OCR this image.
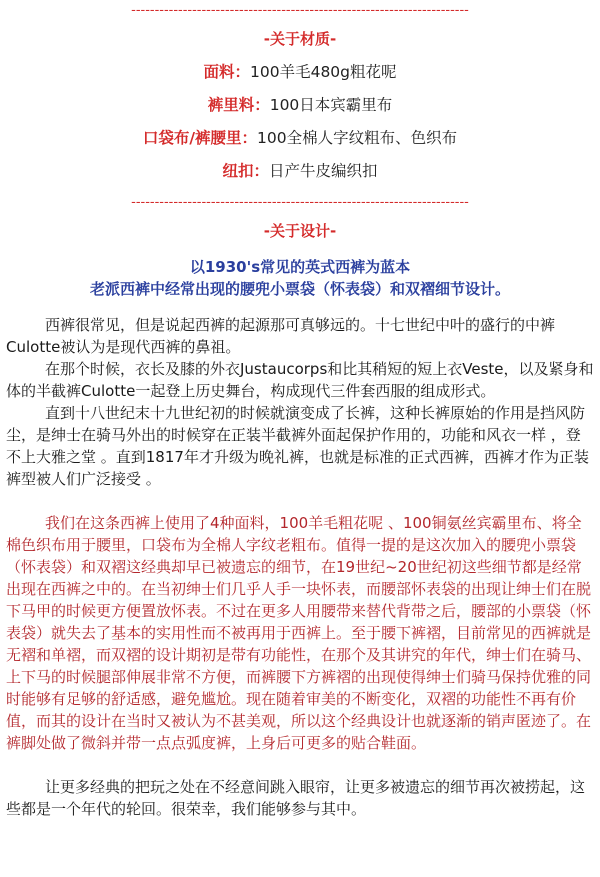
------------------------------------------------------------------------
-关于材质-
面料：100羊毛480g粗花呢
裤里料：100日本宾霸里布
口袋布/裤腰里：100全棉人字纹粗布、色织布
纽扣：日产牛皮编织扣
------------------------------------------------------------------------
-关于设计-
以1930's常见的英式西裤为蓝本
老派西裤中经常出现的腰兜小票袋（怀表袋）和双褶细节设计。

西裤很常见，但是说起西裤的起源那可真够远的。十七世纪中叶的盛行的中裤Culotte被认为是现代西裤的鼻祖。

在那个时候，衣长及膝的外衣Justaucorps和比其稍短的短上衣Veste，以及紧身和体的半截裤Culotte一起登上历史舞台，构成现代三件套西服的组成形式。

直到十八世纪末十九世纪初的时候就演变成了长裤，这种长裤原始的作用是挡风防尘，是绅士在骑马外出的时候穿在正装半截裤外面起保护作用的，功能和风衣一样 ，登不上大雅之堂 。直到1817年才升级为晚礼裤，也就是标准的正式西裤，西裤才作为正装裤型被人们广泛接受 。

我们在这条西裤上使用了4种面料，100羊毛粗花呢 、100铜氨丝宾霸里布、将全棉色织布用于腰里，口袋布为全棉人字纹老粗布。值得一提的是这次加入的腰兜小票袋（怀表袋）和双褶这经典却早已被遗忘的细节，在19世纪~20世纪初这些细节都是经常出现在西裤之中的。在当初绅士们几乎人手一块怀表，而腰部怀表袋的出现让绅士们在脱下马甲的时候更方便置放怀表。不过在更多人用腰带来替代背带之后，腰部的小票袋（怀表袋）就失去了基本的实用性而不被再用于西裤上。至于腰下裤褶，目前常见的西裤就是无褶和单褶，而双褶的设计期初是带有功能性，在那个及其讲究的年代，绅士们在骑马、上下马的时候腿部伸展非常不方便，而裤腰下方裤褶的出现使得绅士们骑马保持优雅的同时能够有足够的舒适感，避免尴尬。现在随着审美的不断变化，双褶的功能性不再有价值，而其的设计在当时又被认为不甚美观，所以这个经典设计也就逐渐的销声匿迹了。在裤脚处做了微斜并带一点点弧度裤，上身后可更多的贴合鞋面。

让更多经典的把玩之处在不经意间跳入眼帘，让更多被遗忘的细节再次被捞起，这些都是一个年代的轮回。很荣幸，我们能够参与其中。
